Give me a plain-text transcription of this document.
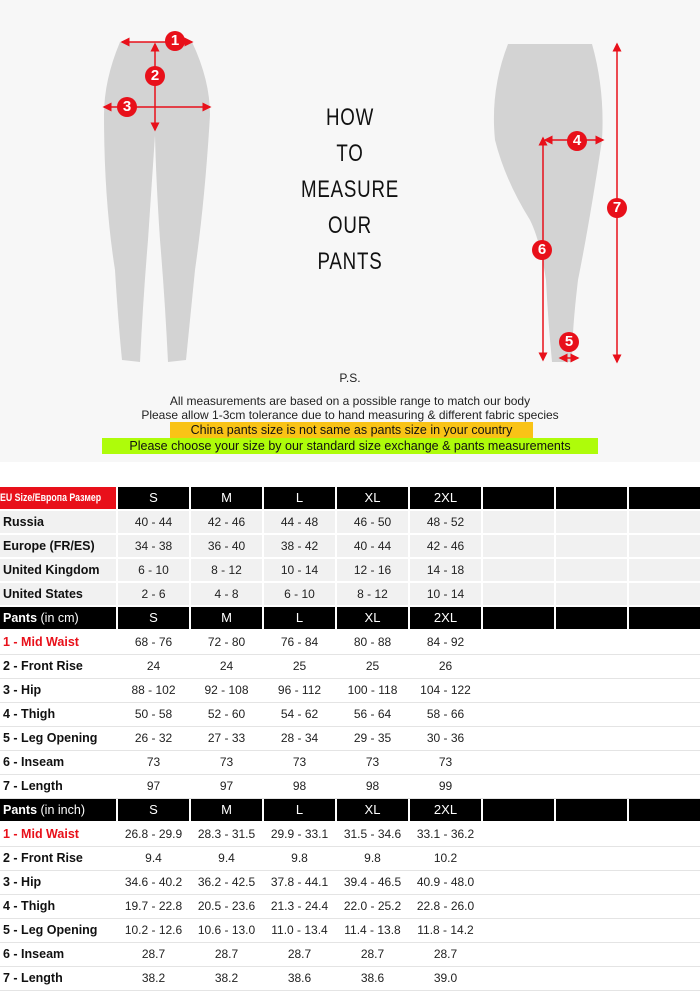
1
2
3
4
5
6
7
HOW
TO
MEASURE
OUR
PANTS
P.S.
All measurements are based on a possible range to match our body
Please allow 1-3cm tolerance due to hand measuring & different fabric species
China pants size is not same as pants size in your country
Please choose your size by our standard size exchange & pants measurements
EU Size/Европа Размер	S	M	L	XL	2XL
Russia	40 - 44	42 - 46	44 - 48	46 - 50	48 - 52
Europe (FR/ES)	34 - 38	36 - 40	38 - 42	40 - 44	42 - 46
United Kingdom	6 - 10	8 - 12	10 - 14	12 - 16	14 - 18
United States	2 - 6	4 - 8	6 - 10	8 - 12	10 - 14
Pants (in cm)	S	M	L	XL	2XL
1 - Mid Waist	68 - 76	72 - 80	76 - 84	80 - 88	84 - 92
2 - Front Rise	24	24	25	25	26
3 - Hip	88 - 102	92 - 108	96 - 112	100 - 118	104 - 122
4 - Thigh	50 - 58	52 - 60	54 - 62	56 - 64	58 - 66
5 - Leg Opening	26 - 32	27 - 33	28 - 34	29 - 35	30 - 36
6 - Inseam	73	73	73	73	73
7 - Length	97	97	98	98	99
Pants (in inch)	S	M	L	XL	2XL
1 - Mid Waist	26.8 - 29.9	28.3 - 31.5	29.9 - 33.1	31.5 - 34.6	33.1 - 36.2
2 - Front Rise	9.4	9.4	9.8	9.8	10.2
3 - Hip	34.6 - 40.2	36.2 - 42.5	37.8 - 44.1	39.4 - 46.5	40.9 - 48.0
4 - Thigh	19.7 - 22.8	20.5 - 23.6	21.3 - 24.4	22.0 - 25.2	22.8 - 26.0
5 - Leg Opening	10.2 - 12.6	10.6 - 13.0	11.0 - 13.4	11.4 - 13.8	11.8 - 14.2
6 - Inseam	28.7	28.7	28.7	28.7	28.7
7 - Length	38.2	38.2	38.6	38.6	39.0
